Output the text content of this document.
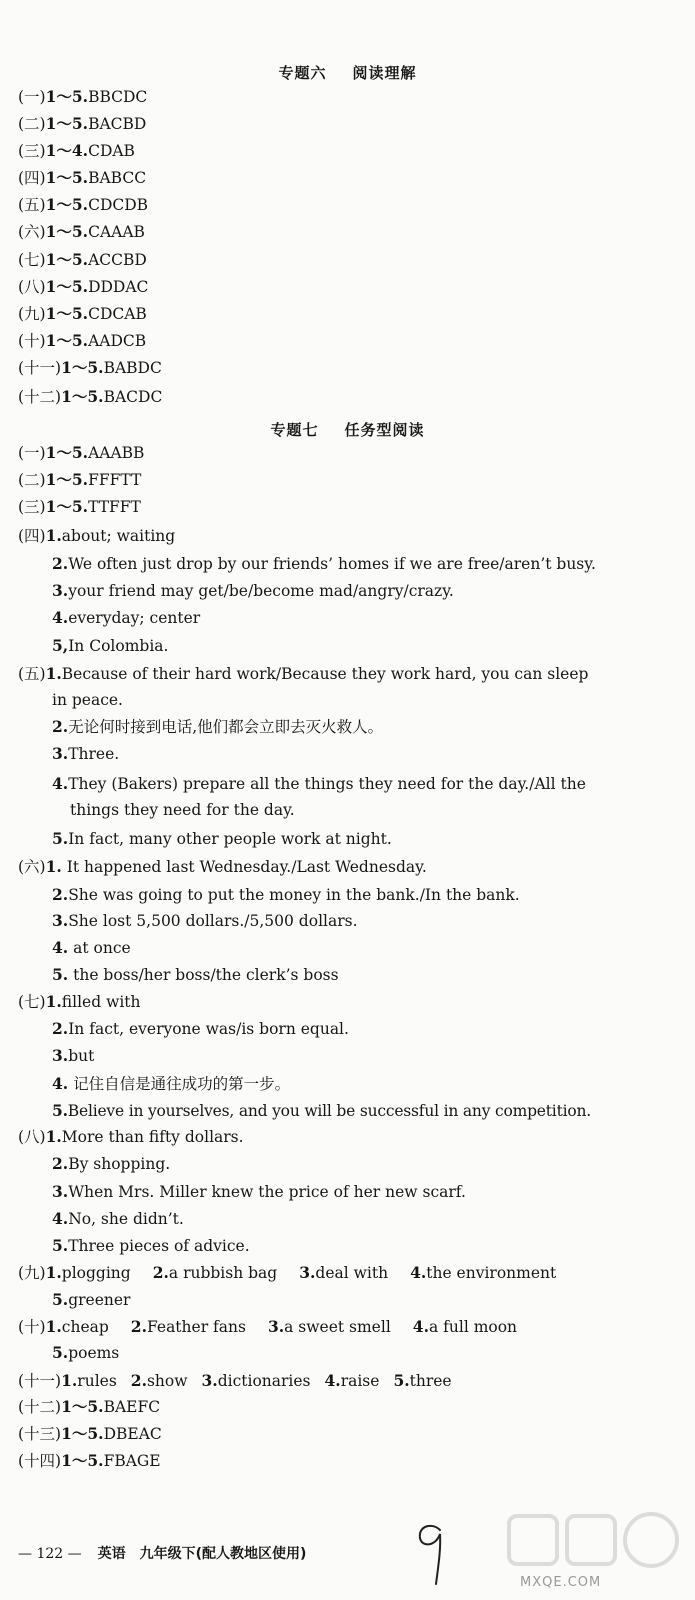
专题六 阅读理解
(一)1～5.BBCDC
(二)1～5.BACBD
(三)1～4.CDAB
(四)1～5.BABCC
(五)1～5.CDCDB
(六)1～5.CAAAB
(七)1～5.ACCBD
(八)1～5.DDDAC
(九)1～5.CDCAB
(十)1～5.AADCB
(十一)1～5.BABDC
(十二)1～5.BACDC
专题七 任务型阅读
(一)1～5.AAABB
(二)1～5.FFFTT
(三)1～5.TTFFT
(四)1.about; waiting
2.We often just drop by our friends’ homes if we are free/aren’t busy.
3.your friend may get/be/become mad/angry/crazy.
4.everyday; center
5,In Colombia.
(五)1.Because of their hard work/Because they work hard, you can sleep
in peace.
2.无论何时接到电话,他们都会立即去灭火救人。
3.Three.
4.They (Bakers) prepare all the things they need for the day./All the
things they need for the day.
5.In fact, many other people work at night.
(六)1. It happened last Wednesday./Last Wednesday.
2.She was going to put the money in the bank./In the bank.
3.She lost 5,500 dollars./5,500 dollars.
4. at once
5. the boss/her boss/the clerk’s boss
(七)1.filled with
2.In fact, everyone was/is born equal.
3.but
4. 记住自信是通往成功的第一步。
5.Believe in yourselves, and you will be successful in any competition.
(八)1.More than fifty dollars.
2.By shopping.
3.When Mrs. Miller knew the price of her new scarf.
4.No, she didn’t.
5.Three pieces of advice.
(九)1.plogging 2.a rubbish bag 3.deal with 4.the environment
5.greener
(十)1.cheap 2.Feather fans 3.a sweet smell 4.a full moon
5.poems
(十一)1.rules 2.show 3.dictionaries 4.raise 5.three
(十二)1～5.BAEFC
(十三)1～5.DBEAC
(十四)1～5.FBAGE
— 122 — 英语 九年级下(配人教地区使用)
MXQE.COM
